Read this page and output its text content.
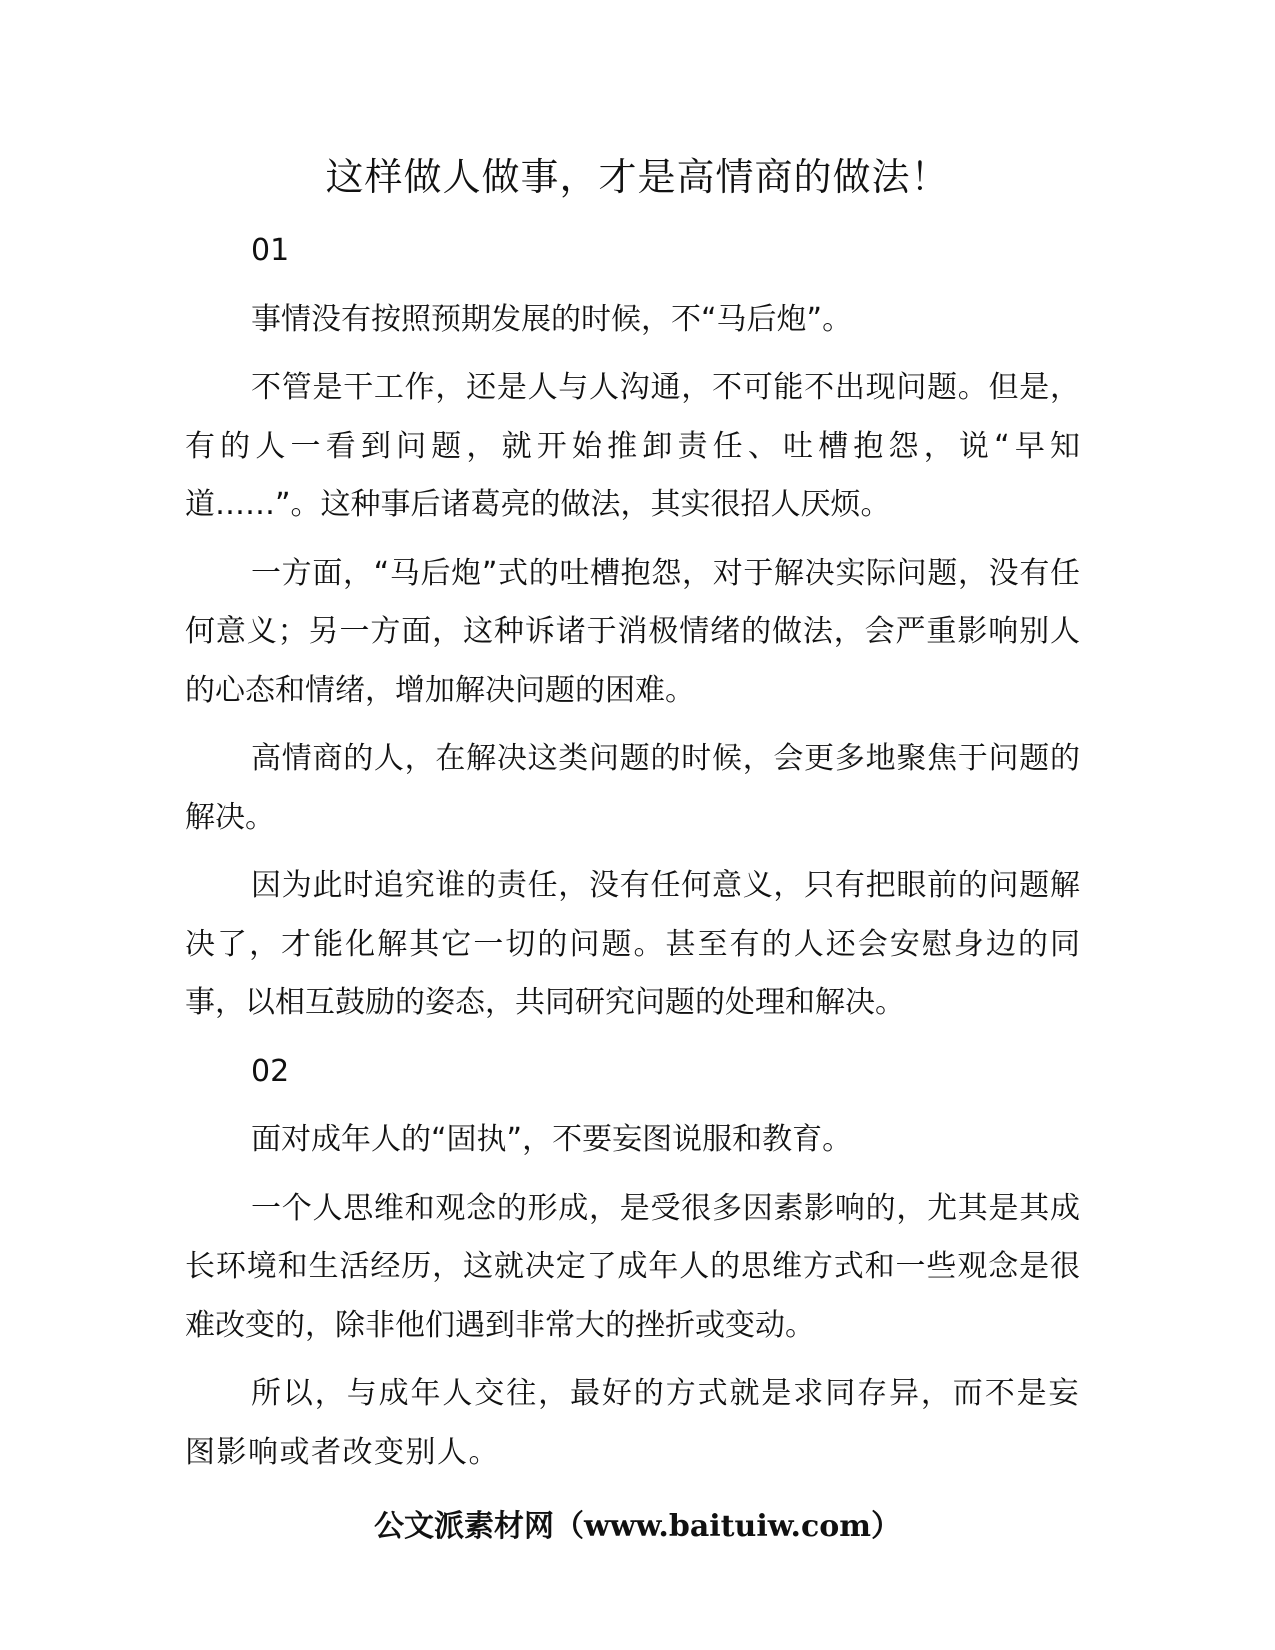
这样做人做事，才是高情商的做法！

01

事情没有按照预期发展的时候，不“马后炮”。

不管是干工作，还是人与人沟通，不可能不出现问题。但是，有的人一看到问题，就开始推卸责任、吐槽抱怨，说“早知道……”。这种事后诸葛亮的做法，其实很招人厌烦。

一方面，“马后炮”式的吐槽抱怨，对于解决实际问题，没有任何意义；另一方面，这种诉诸于消极情绪的做法，会严重影响别人的心态和情绪，增加解决问题的困难。

高情商的人，在解决这类问题的时候，会更多地聚焦于问题的解决。

因为此时追究谁的责任，没有任何意义，只有把眼前的问题解决了，才能化解其它一切的问题。甚至有的人还会安慰身边的同事，以相互鼓励的姿态，共同研究问题的处理和解决。

02

面对成年人的“固执”，不要妄图说服和教育。

一个人思维和观念的形成，是受很多因素影响的，尤其是其成长环境和生活经历，这就决定了成年人的思维方式和一些观念是很难改变的，除非他们遇到非常大的挫折或变动。

所以，与成年人交往，最好的方式就是求同存异，而不是妄图影响或者改变别人。

公文派素材网（www.baituiw.com）
